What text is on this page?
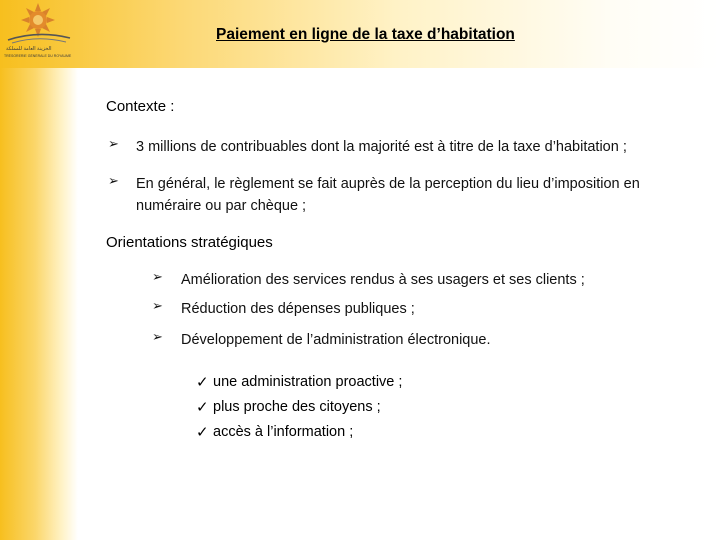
الخزينة العامة للمملكة
TRÉSORERIE GÉNÉRALE DU ROYAUME
Paiement en ligne de la taxe d’habitation
Contexte :
➢ 3 millions de contribuables dont la majorité est à titre de la taxe d’habitation ;
➢ En général, le règlement se fait auprès de la perception du lieu d’imposition en numéraire ou par chèque ;
Orientations stratégiques
➢ Amélioration des services rendus à ses usagers et ses clients ;
➢ Réduction des dépenses publiques ;
➢ Développement de l’administration électronique.
✓ une administration proactive ;
✓ plus proche des citoyens ;
✓ accès à l’information ;
